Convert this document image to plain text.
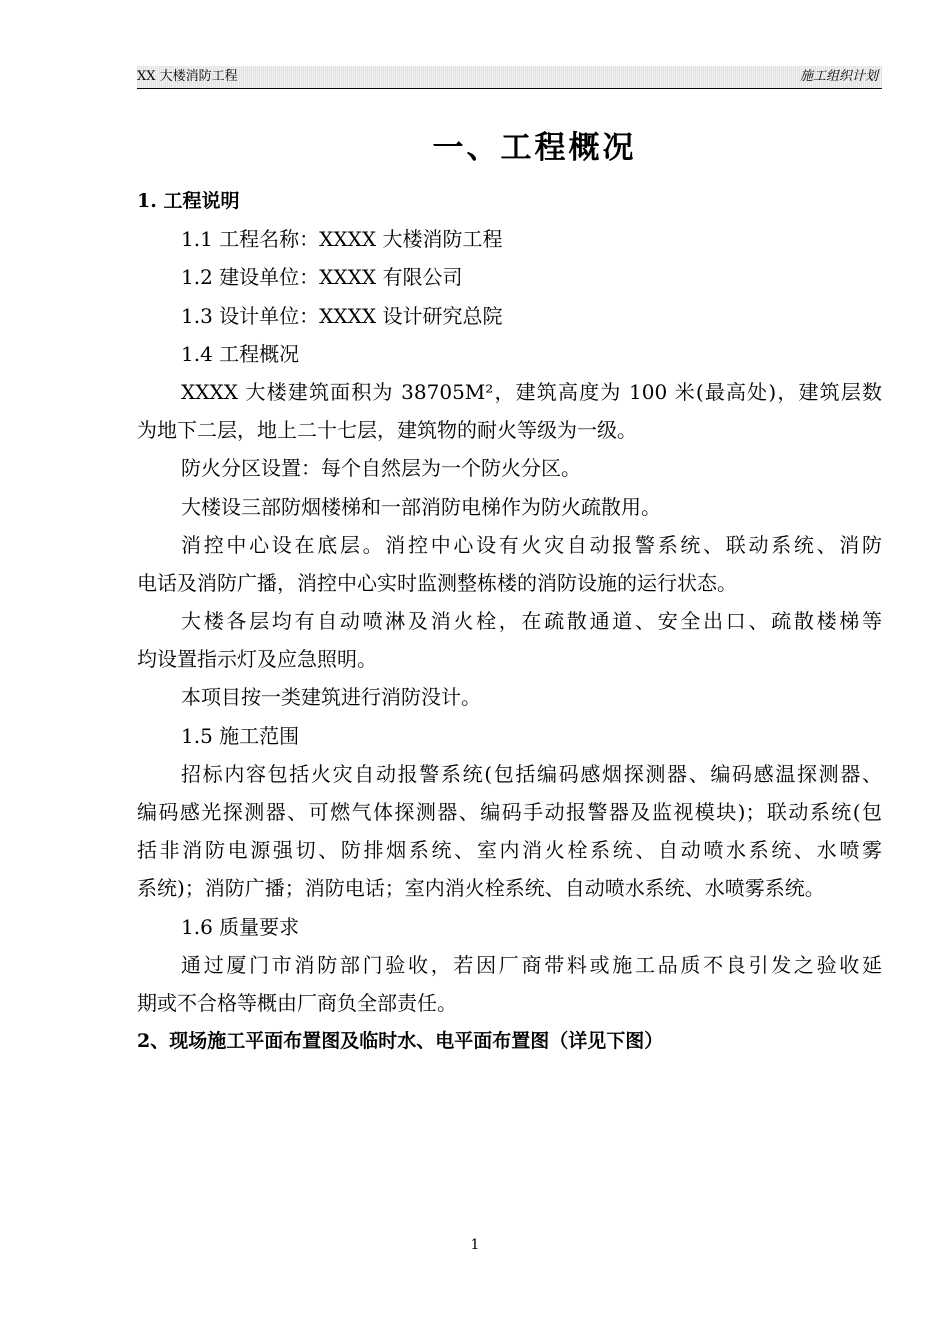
XX 大楼消防工程	施工组织计划
一、工程概况
1. 工程说明
1.1 工程名称：XXXX 大楼消防工程
1.2 建设单位：XXXX 有限公司
1.3 设计单位：XXXX 设计研究总院
1.4 工程概况
XXXX 大楼建筑面积为 38705M²，建筑高度为 100 米(最高处)，建筑层数
为地下二层，地上二十七层，建筑物的耐火等级为一级。
防火分区设置：每个自然层为一个防火分区。
大楼设三部防烟楼梯和一部消防电梯作为防火疏散用。
消控中心设在底层。消控中心设有火灾自动报警系统、联动系统、消防
电话及消防广播，消控中心实时监测整栋楼的消防设施的运行状态。
大楼各层均有自动喷淋及消火栓，在疏散通道、安全出口、疏散楼梯等
均设置指示灯及应急照明。
本项目按一类建筑进行消防没计。
1.5 施工范围
招标内容包括火灾自动报警系统(包括编码感烟探测器、编码感温探测器、
编码感光探测器、可燃气体探测器、编码手动报警器及监视模块)；联动系统(包
括非消防电源强切、防排烟系统、室内消火栓系统、自动喷水系统、水喷雾
系统)；消防广播；消防电话；室内消火栓系统、自动喷水系统、水喷雾系统。
1.6 质量要求
通过厦门市消防部门验收，若因厂商带料或施工品质不良引发之验收延
期或不合格等概由厂商负全部责任。
2、现场施工平面布置图及临时水、电平面布置图（详见下图）
1
